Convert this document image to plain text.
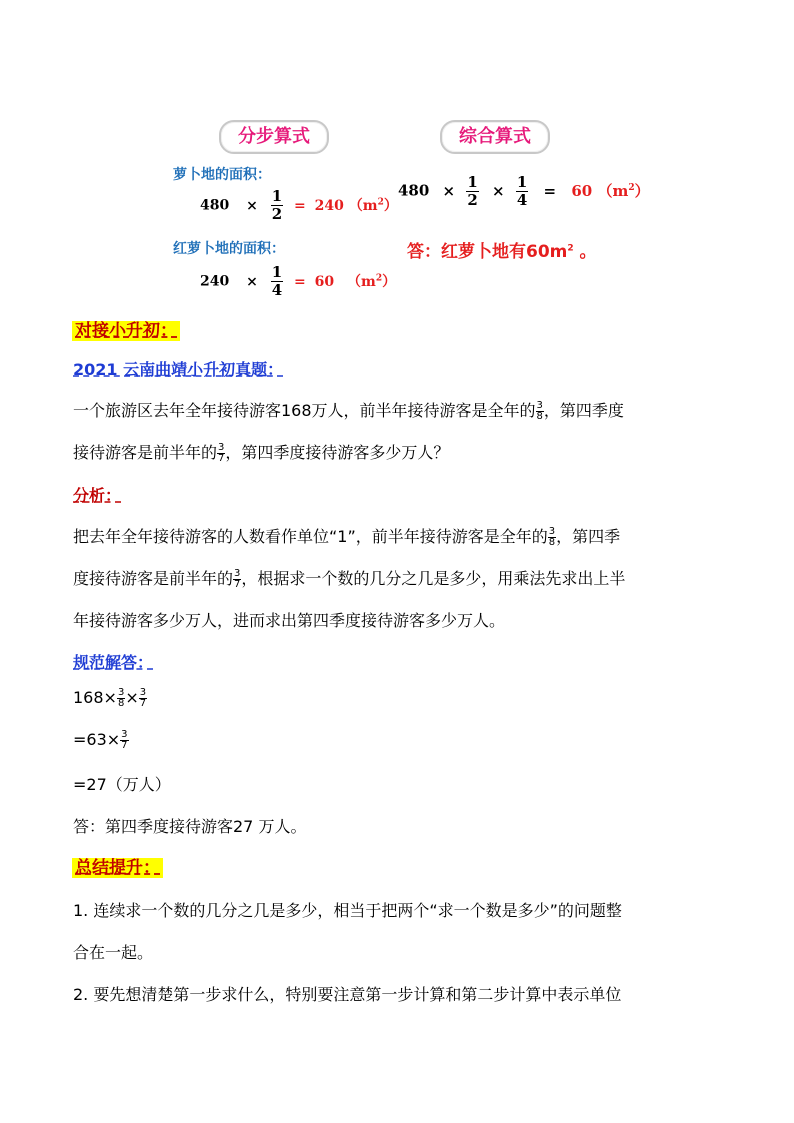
分步算式	综合算式
萝卜地的面积：
$480 \times \frac{1}{2} = 240$ $(m^2)$
红萝卜地的面积：
$240 \times \frac{1}{4} = 60$ $(m^2)$
$480 \times \frac{1}{2} \times \frac{1}{4} = 60$ $(m^2)$
答：红萝卜地有$60m^2$ 。
对接小升初：
2021 云南曲靖小升初真题：
一个旅游区去年全年接待游客168万人，前半年接待游客是全年的 $\frac{3}{8}$ ，第四季度
接待游客是前半年的 $\frac{3}{7}$ ，第四季度接待游客多少万人？
分析：
把去年全年接待游客的人数看作单位“1”，前半年接待游客是全年的 $\frac{3}{8}$ ，第四季
度接待游客是前半年的 $\frac{3}{7}$ ，根据求一个数的几分之几是多少，用乘法先求出上半
年接待游客多少万人，进而求出第四季度接待游客多少万人。
规范解答：
$168\times \frac{3}{8} \times \frac{3}{7}$
$=63\times \frac{3}{7}$
=27（万人）
答：第四季度接待游客27 万人。
总结提升：
1. 连续求一个数的几分之几是多少，相当于把两个“求一个数是多少”的问题整
合在一起。
2. 要先想清楚第一步求什么，特别要注意第一步计算和第二步计算中表示单位
